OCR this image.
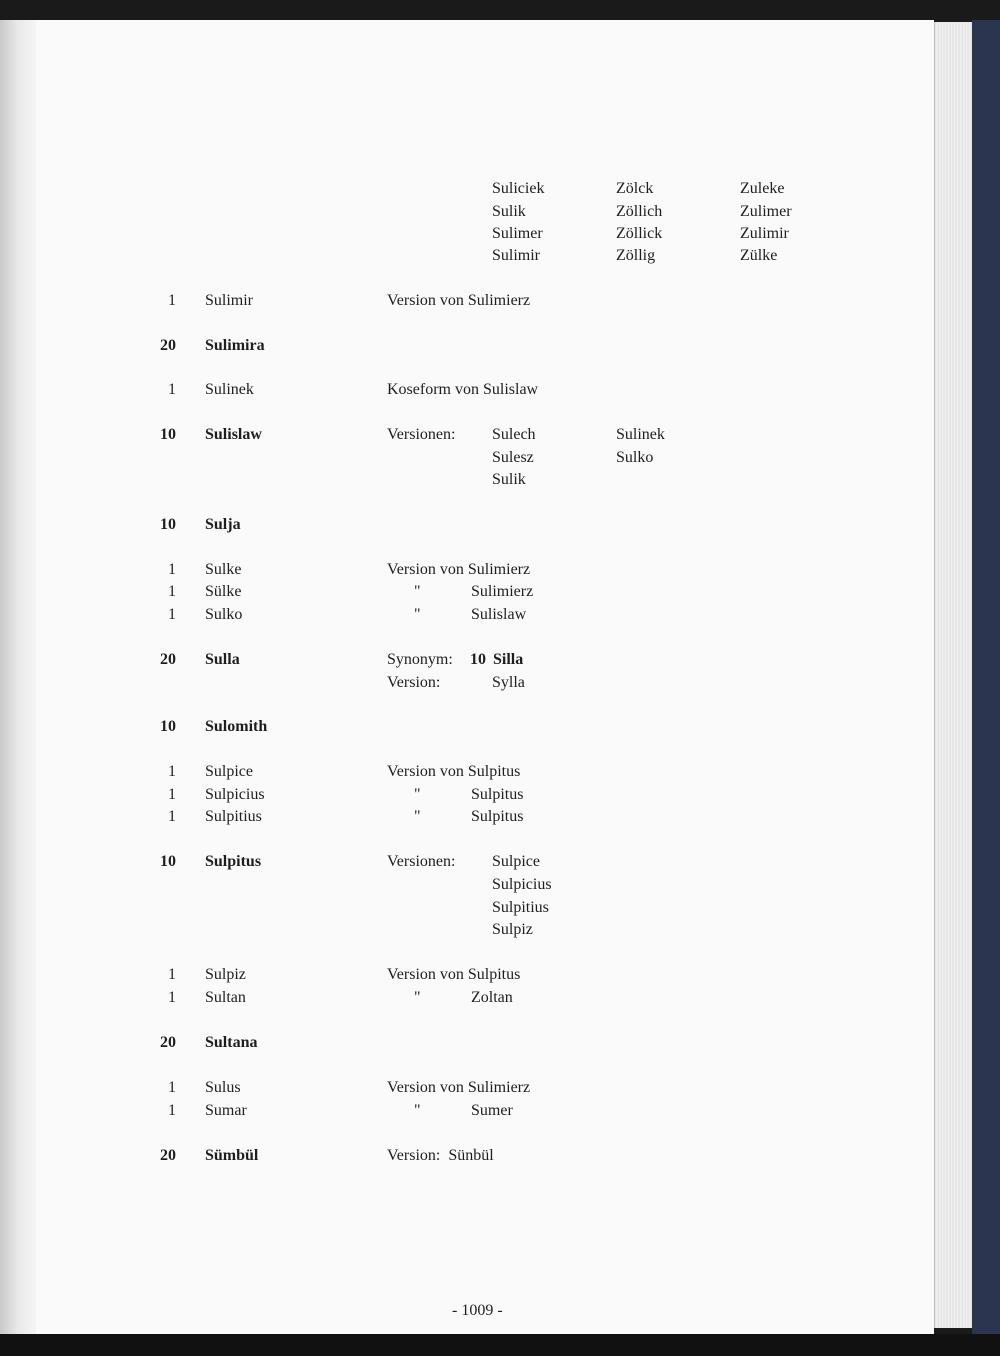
Suliciek	Zölck	Zuleke
Sulik	Zöllich	Zulimer
Sulimer	Zöllick	Zulimir
Sulimir	Zöllig	Zülke
1 Sulimir	Version von Sulimierz
20 Sulimira
1 Sulinek	Koseform von Sulislaw
10 Sulislaw	Versionen: Sulech	Sulinek
Sulesz	Sulko
Sulik
10 Sulja
1 Sulke	Version von Sulimierz
1 Sülke	"	Sulimierz
1 Sulko	"	Sulislaw
20 Sulla	Synonym: 10 Silla
Version:	Sylla
10 Sulomith
1 Sulpice	Version von Sulpitus
1 Sulpicius	"	Sulpitus
1 Sulpitius	"	Sulpitus
10 Sulpitus	Versionen: Sulpice
Sulpicius
Sulpitius
Sulpiz
1 Sulpiz	Version von Sulpitus
1 Sultan	"	Zoltan
20 Sultana
1 Sulus	Version von Sulimierz
1 Sumar	"	Sumer
20 Sümbül	Version:  Sünbül
- 1009 -
